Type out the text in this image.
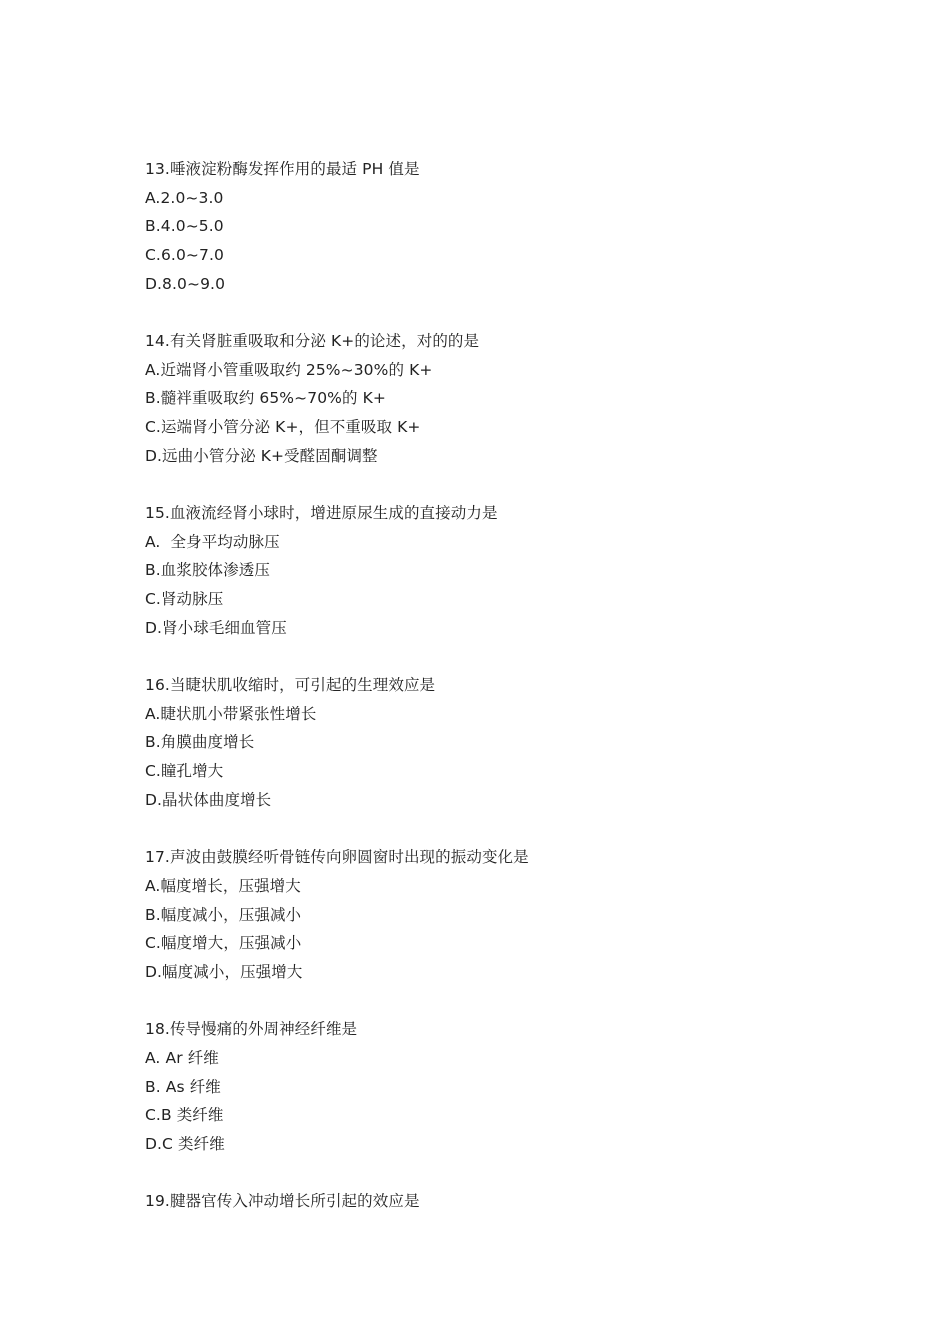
13.唾液淀粉酶发挥作用的最适 PH 值是
A.2.0~3.0
B.4.0~5.0
C.6.0~7.0
D.8.0~9.0
14.有关肾脏重吸取和分泌 K+的论述，对的的是
A.近端肾小管重吸取约 25%~30%的 K+
B.髓袢重吸取约 65%~70%的 K+
C.运端肾小管分泌 K+，但不重吸取 K+
D.远曲小管分泌 K+受醛固酮调整
15.血液流经肾小球时，增进原尿生成的直接动力是
A.  全身平均动脉压
B.血浆胶体渗透压
C.肾动脉压
D.肾小球毛细血管压
16.当睫状肌收缩时，可引起的生理效应是
A.睫状肌小带紧张性增长
B.角膜曲度增长
C.瞳孔增大
D.晶状体曲度增长
17.声波由鼓膜经听骨链传向卵圆窗时出现的振动变化是
A.幅度增长，压强增大
B.幅度减小，压强减小
C.幅度增大，压强减小
D.幅度减小，压强增大
18.传导慢痛的外周神经纤维是
A. Ar 纤维
B. As 纤维
C.B 类纤维
D.C 类纤维
19.腱器官传入冲动增长所引起的效应是
